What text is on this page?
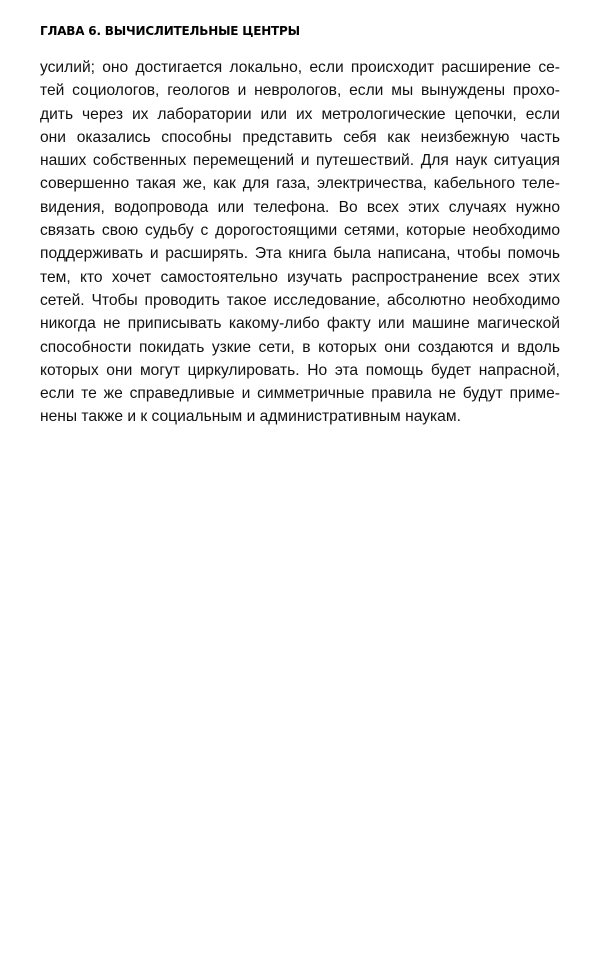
ГЛАВА 6. ВЫЧИСЛИТЕЛЬНЫЕ ЦЕНТРЫ
усилий; оно достигается локально, если происходит расширение се-
тей социологов, геологов и неврологов, если мы вынуждены прохо-
дить через их лаборатории или их метрологические цепочки, если
они оказались способны представить себя как неизбежную часть
наших собственных перемещений и путешествий. Для наук ситуация
совершенно такая же, как для газа, электричества, кабельного теле-
видения, водопровода или телефона. Во всех этих случаях нужно
связать свою судьбу с дорогостоящими сетями, которые необходимо
поддерживать и расширять. Эта книга была написана, чтобы помочь
тем, кто хочет самостоятельно изучать распространение всех этих
сетей. Чтобы проводить такое исследование, абсолютно необходимо
никогда не приписывать какому-либо факту или машине магической
способности покидать узкие сети, в которых они создаются и вдоль
которых они могут циркулировать. Но эта помощь будет напрасной,
если те же справедливые и симметричные правила не будут приме-
нены также и к социальным и административным наукам.
